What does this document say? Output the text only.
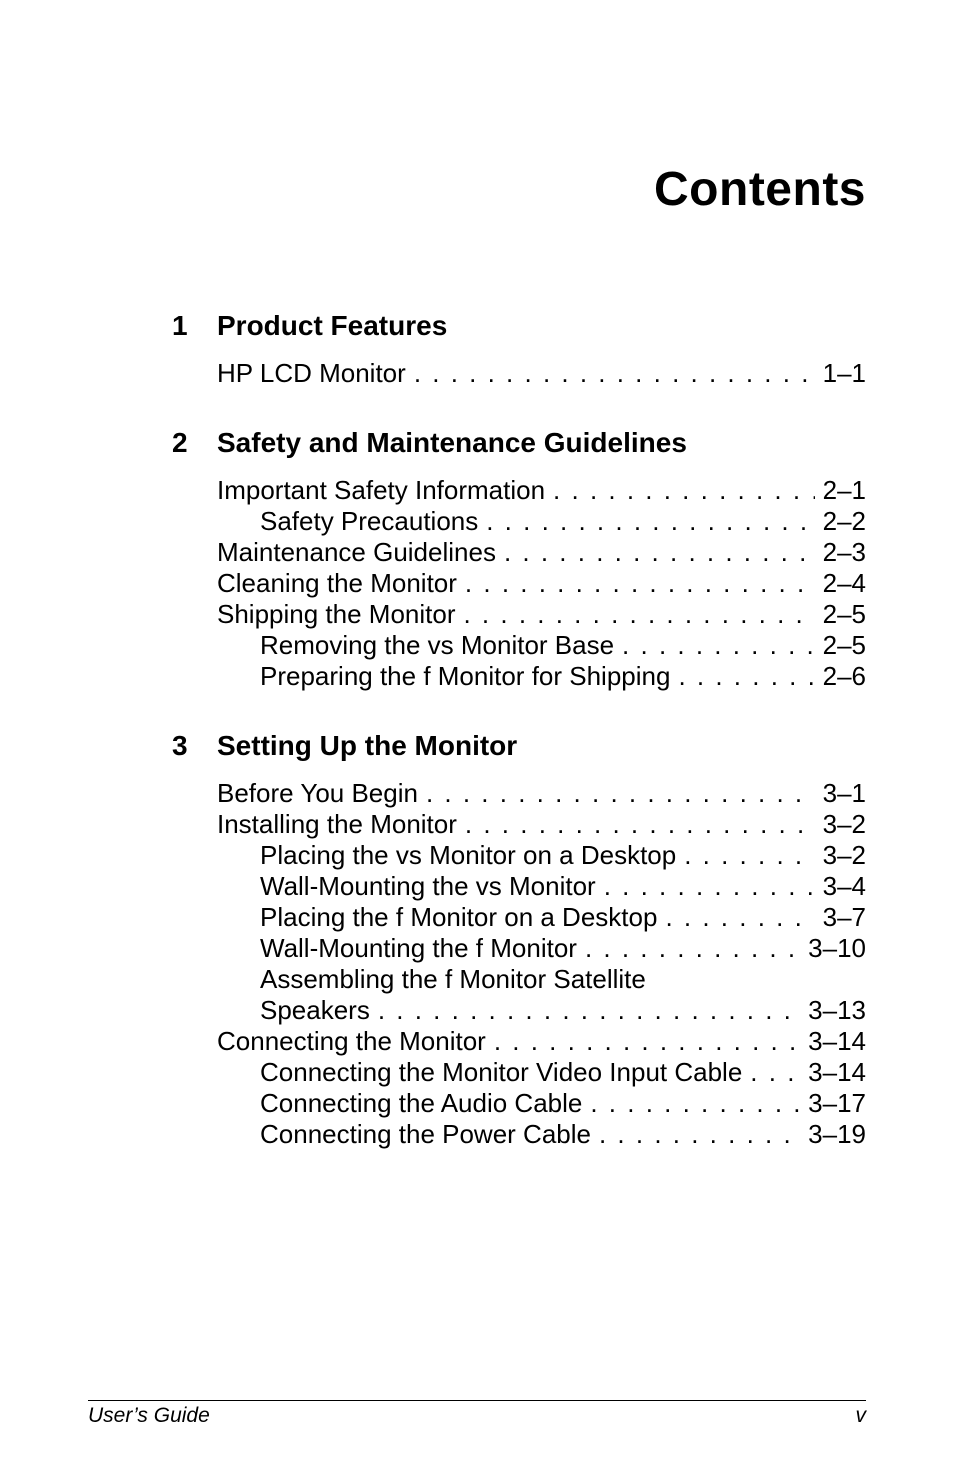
Contents
1	Product Features
HP LCD Monitor . . .	1–1
2	Safety and Maintenance Guidelines
Important Safety Information . . .	2–1
Safety Precautions . . .	2–2
Maintenance Guidelines . . .	2–3
Cleaning the Monitor . . .	2–4
Shipping the Monitor . . .	2–5
Removing the vs Monitor Base . . .	2–5
Preparing the f Monitor for Shipping . . .	2–6
3	Setting Up the Monitor
Before You Begin . . .	3–1
Installing the Monitor . . .	3–2
Placing the vs Monitor on a Desktop . . .	3–2
Wall-Mounting the vs Monitor . . .	3–4
Placing the f Monitor on a Desktop . . .	3–7
Wall-Mounting the f Monitor . . .	3–10
Assembling the f Monitor Satellite
Speakers . . .	3–13
Connecting the Monitor . . .	3–14
Connecting the Monitor Video Input Cable . . .	3–14
Connecting the Audio Cable . . .	3–17
Connecting the Power Cable . . .	3–19
User’s Guide	v
